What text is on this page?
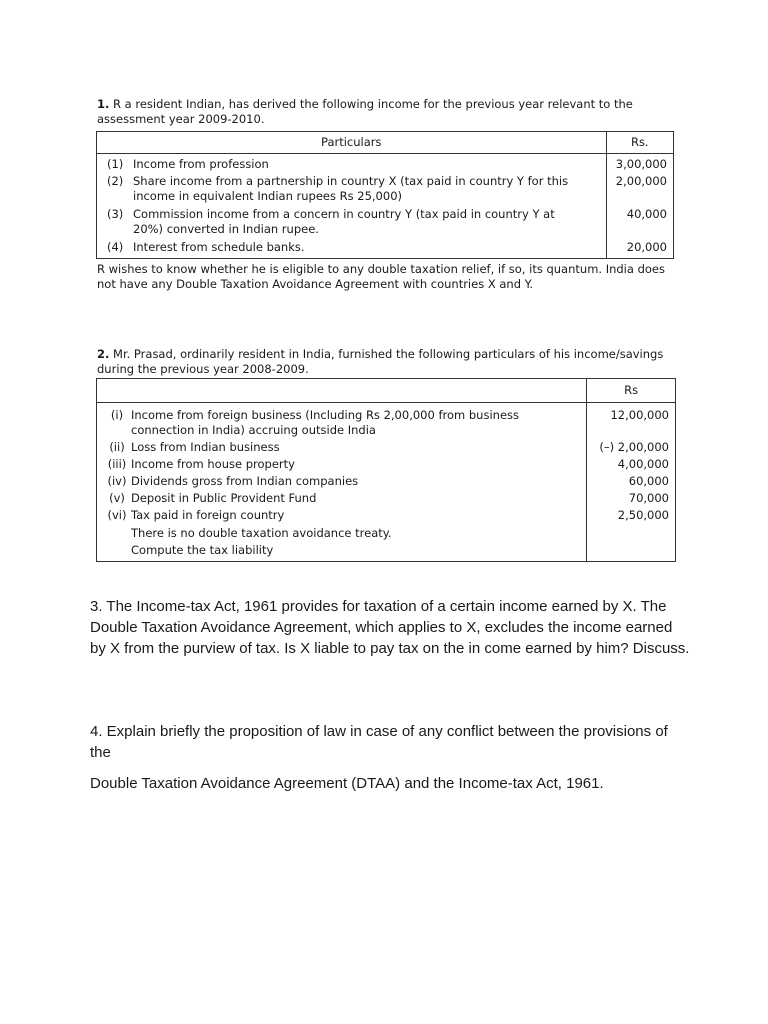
1. R a resident Indian, has derived the following income for the previous year relevant to the assessment year 2009-2010.
Particulars	Rs.

(1) Income from profession	3,00,000

(2) Share income from a partnership in country X (tax paid in country Y for this income in equivalent Indian rupees Rs 25,000)	2,00,000

(3) Commission income from a concern in country Y (tax paid in country Y at 20%) converted in Indian rupee.	40,000

(4) Interest from schedule banks.	20,000
R wishes to know whether he is eligible to any double taxation relief, if so, its quantum. India does not have any Double Taxation Avoidance Agreement with countries X and Y.
2. Mr. Prasad, ordinarily resident in India, furnished the following particulars of his income/savings during the previous year 2008-2009.
	Rs

(i) Income from foreign business (Including Rs 2,00,000 from business connection in India) accruing outside India	12,00,000

(ii) Loss from Indian business	(–) 2,00,000

(iii) Income from house property	4,00,000

(iv) Dividends gross from Indian companies	60,000

(v) Deposit in Public Provident Fund	70,000

(vi) Tax paid in foreign country	2,50,000

There is no double taxation avoidance treaty.
Compute the tax liability	

3. The Income-tax Act, 1961 provides for taxation of a certain income earned by X. The Double Taxation Avoidance Agreement, which applies to X, excludes the income earned by X from the purview of tax. Is X liable to pay tax on the in come earned by him? Discuss.
4. Explain briefly the proposition of law in case of any conflict between the provisions of the
Double Taxation Avoidance Agreement (DTAA) and the Income-tax Act, 1961.
